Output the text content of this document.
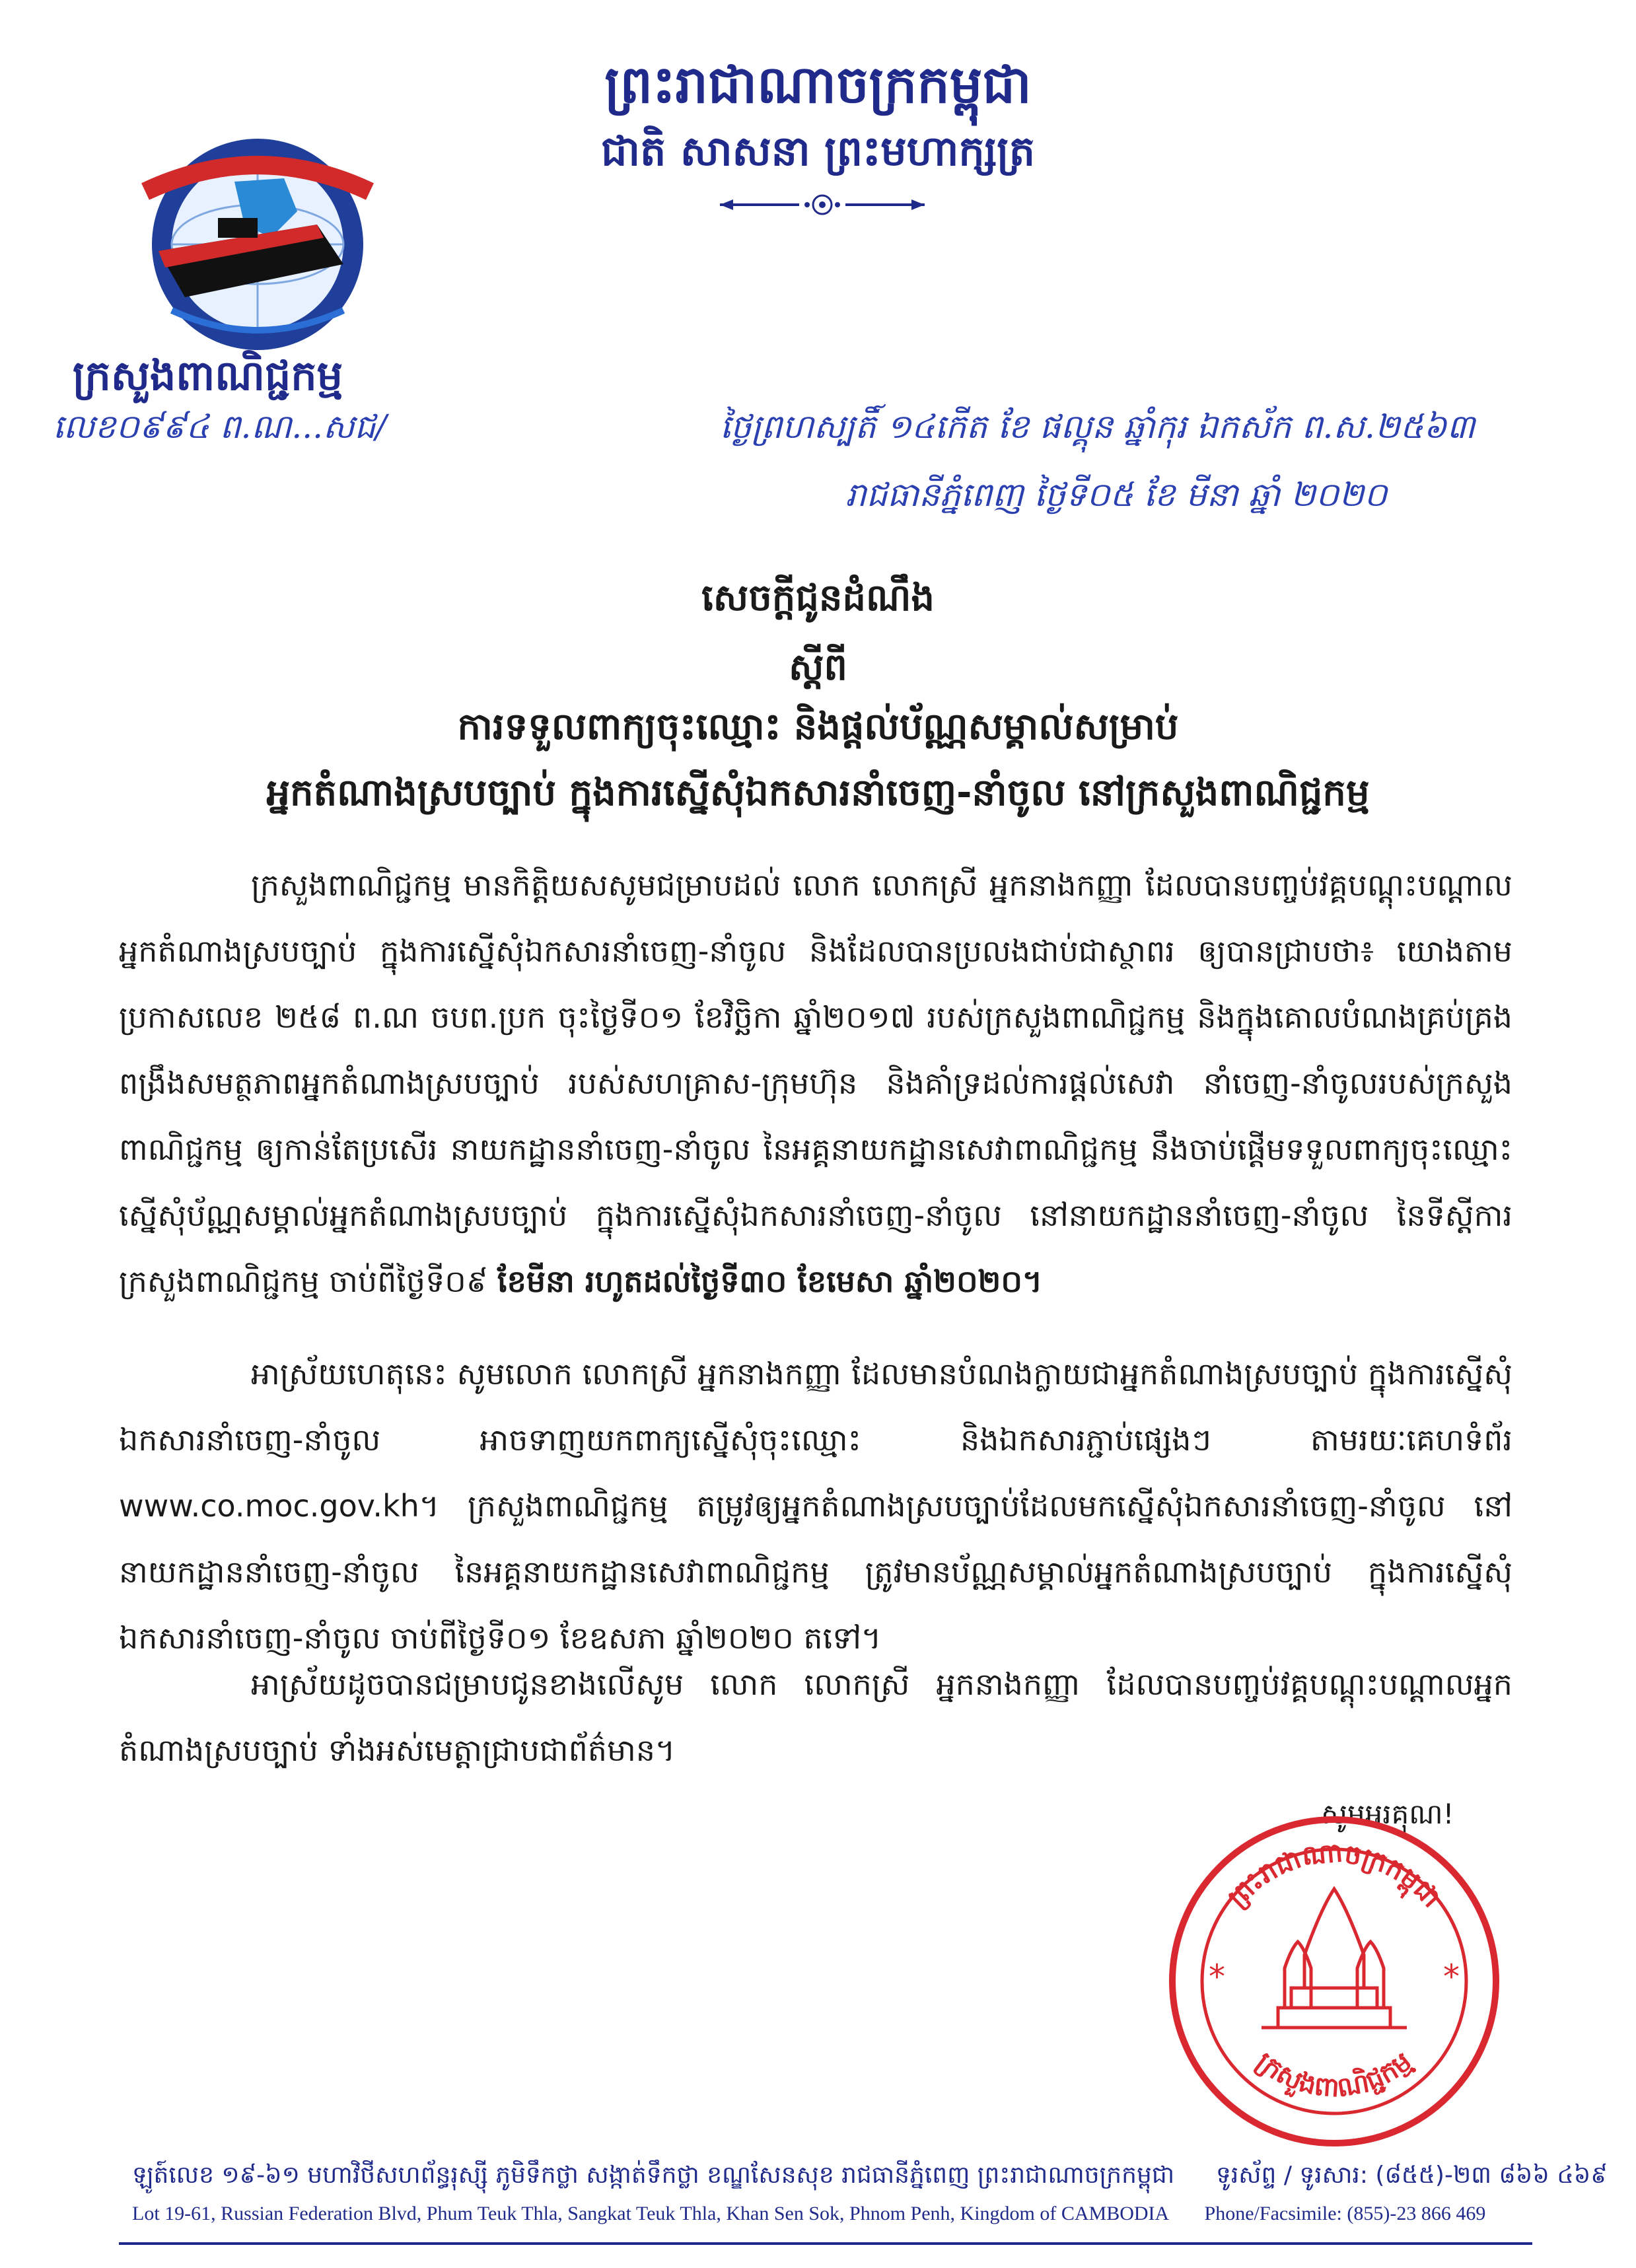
ព្រះរាជាណាចក្រកម្ពុជា
ជាតិ សាសនា ព្រះមហាក្សត្រ
ក្រសួងពាណិជ្ជកម្ម
លេខ០៩៩៤ ព.ណ...សជ/	ថ្ងៃព្រហស្បតិ៍ ១៤កើត ខែ ផល្គុន ឆ្នាំកុរ ឯកស័ក ព.ស.២៥៦៣
រាជធានីភ្នំពេញ ថ្ងៃទី០៥ ខែ មីនា ឆ្នាំ ២០២០
សេចក្តីជូនដំណឹង
ស្តីពី
ការទទួលពាក្យចុះឈ្មោះ និងផ្តល់ប័ណ្ណសម្គាល់សម្រាប់
អ្នកតំណាងស្របច្បាប់ ក្នុងការស្នើសុំឯកសារនាំចេញ-នាំចូល នៅក្រសួងពាណិជ្ជកម្ម
ក្រសួងពាណិជ្ជកម្ម មានកិត្តិយសសូមជម្រាបដល់ លោក លោកស្រី អ្នកនាងកញ្ញា ដែលបានបញ្ចប់វគ្គបណ្តុះបណ្តាលអ្នកតំណាងស្របច្បាប់ ក្នុងការស្នើសុំឯកសារនាំចេញ-នាំចូល និងដែលបានប្រលងជាប់ជាស្ថាពរ ឲ្យបានជ្រាបថា៖ យោងតាមប្រកាសលេខ ២៥៨ ព.ណ ចបព.ប្រក ចុះថ្ងៃទី០១ ខែវិច្ឆិកា ឆ្នាំ២០១៧ របស់ក្រសួងពាណិជ្ជកម្ម និងក្នុងគោលបំណងគ្រប់គ្រង ពង្រឹងសមត្ថភាពអ្នកតំណាងស្របច្បាប់ របស់សហគ្រាស-ក្រុមហ៊ុន និងគាំទ្រដល់ការផ្តល់សេវា នាំចេញ-នាំចូលរបស់ក្រសួងពាណិជ្ជកម្ម ឲ្យកាន់តែប្រសើរ នាយកដ្ឋាននាំចេញ-នាំចូល នៃអគ្គនាយកដ្ឋានសេវាពាណិជ្ជកម្ម នឹងចាប់ផ្តើមទទួលពាក្យចុះឈ្មោះស្នើសុំប័ណ្ណសម្គាល់អ្នកតំណាងស្របច្បាប់ ក្នុងការស្នើសុំឯកសារនាំចេញ-នាំចូល នៅនាយកដ្ឋាននាំចេញ-នាំចូល នៃទីស្តីការក្រសួងពាណិជ្ជកម្ម ចាប់ពីថ្ងៃទី០៩ ខែមីនា រហូតដល់ថ្ងៃទី៣០ ខែមេសា ឆ្នាំ២០២០។
អាស្រ័យហេតុនេះ សូមលោក លោកស្រី អ្នកនាងកញ្ញា ដែលមានបំណងក្លាយជាអ្នកតំណាងស្របច្បាប់ ក្នុងការស្នើសុំឯកសារនាំចេញ-នាំចូល អាចទាញយកពាក្យស្នើសុំចុះឈ្មោះ និងឯកសារភ្ជាប់ផ្សេងៗ តាមរយៈគេហទំព័រ www.co.moc.gov.kh។ ក្រសួងពាណិជ្ជកម្ម តម្រូវឲ្យអ្នកតំណាងស្របច្បាប់ដែលមកស្នើសុំឯកសារនាំចេញ-នាំចូល នៅនាយកដ្ឋាននាំចេញ-នាំចូល នៃអគ្គនាយកដ្ឋានសេវាពាណិជ្ជកម្ម ត្រូវមានប័ណ្ណសម្គាល់អ្នកតំណាងស្របច្បាប់ ក្នុងការស្នើសុំឯកសារនាំចេញ-នាំចូល ចាប់ពីថ្ងៃទី០១ ខែឧសភា ឆ្នាំ២០២០ តទៅ។
អាស្រ័យដូចបានជម្រាបជូនខាងលើសូម លោក លោកស្រី អ្នកនាងកញ្ញា ដែលបានបញ្ចប់វគ្គបណ្តុះបណ្តាលអ្នកតំណាងស្របច្បាប់ ទាំងអស់មេត្តាជ្រាបជាព័ត៌មាន។
សូមអរគុណ!
ព្រះរាជាណាចក្រកម្ពុជា
ក្រសួងពាណិជ្ជកម្ម
*	*
ឡូត៍លេខ ១៩-៦១ មហាវិថីសហព័ន្ធរុស្ស៊ី ភូមិទឹកថ្លា សង្កាត់ទឹកថ្លា ខណ្ឌសែនសុខ រាជធានីភ្នំពេញ ព្រះរាជាណាចក្រកម្ពុជា ទូរស័ព្ទ / ទូរសារ: (៨៥៥)-២៣ ៨៦៦ ៤៦៩
Lot 19-61, Russian Federation Blvd, Phum Teuk Thla, Sangkat Teuk Thla, Khan Sen Sok, Phnom Penh, Kingdom of CAMBODIA Phone/Facsimile: (855)-23 866 469
